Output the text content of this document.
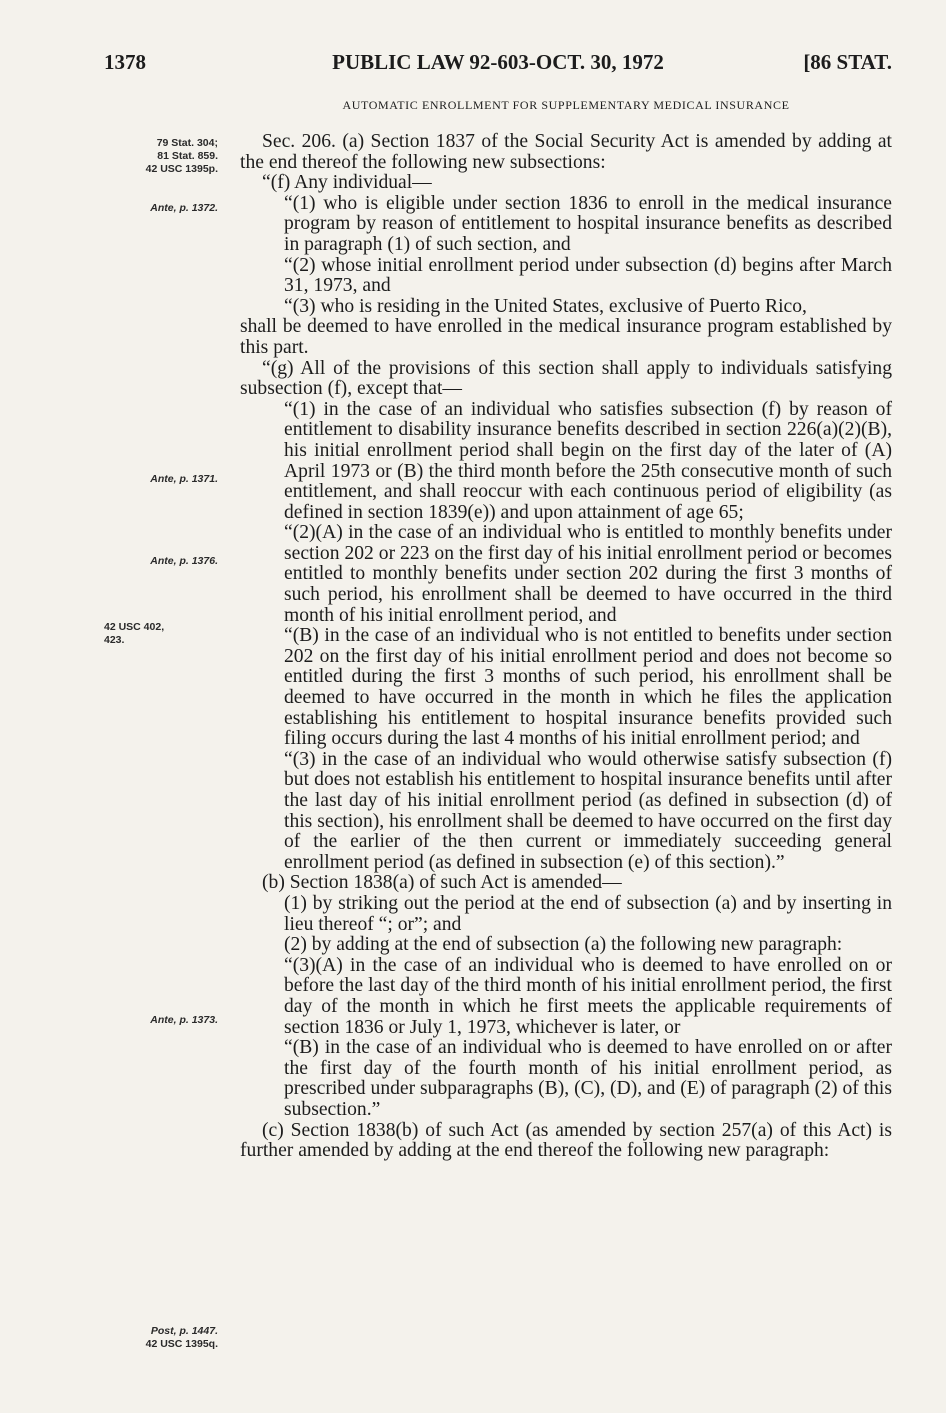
1378	PUBLIC LAW 92-603-OCT. 30, 1972	[86 STAT.
AUTOMATIC ENROLLMENT FOR SUPPLEMENTARY MEDICAL INSURANCE
79 Stat. 304;
81 Stat. 859.
42 USC 1395p.
Ante, p. 1372.
Ante, p. 1371.
Ante, p. 1376.
42 USC 402,
423.
Ante, p. 1373.
Post, p. 1447.
42 USC 1395q.

Sec. 206. (a) Section 1837 of the Social Security Act is amended by adding at the end thereof the following new subsections:

“(f) Any individual—

“(1) who is eligible under section 1836 to enroll in the medical insurance program by reason of entitlement to hospital insurance benefits as described in paragraph (1) of such section, and

“(2) whose initial enrollment period under subsection (d) begins after March 31, 1973, and

“(3) who is residing in the United States, exclusive of Puerto Rico,

shall be deemed to have enrolled in the medical insurance program established by this part.

“(g) All of the provisions of this section shall apply to individuals satisfying subsection (f), except that—

“(1) in the case of an individual who satisfies subsection (f) by reason of entitlement to disability insurance benefits described in section 226(a)(2)(B), his initial enrollment period shall begin on the first day of the later of (A) April 1973 or (B) the third month before the 25th consecutive month of such entitlement, and shall reoccur with each continuous period of eligibility (as defined in section 1839(e)) and upon attainment of age 65;

“(2)(A) in the case of an individual who is entitled to monthly benefits under section 202 or 223 on the first day of his initial enrollment period or becomes entitled to monthly benefits under section 202 during the first 3 months of such period, his enrollment shall be deemed to have occurred in the third month of his initial enrollment period, and

“(B) in the case of an individual who is not entitled to benefits under section 202 on the first day of his initial enrollment period and does not become so entitled during the first 3 months of such period, his enrollment shall be deemed to have occurred in the month in which he files the application establishing his entitlement to hospital insurance benefits provided such filing occurs during the last 4 months of his initial enrollment period; and

“(3) in the case of an individual who would otherwise satisfy subsection (f) but does not establish his entitlement to hospital insurance benefits until after the last day of his initial enrollment period (as defined in subsection (d) of this section), his enrollment shall be deemed to have occurred on the first day of the earlier of the then current or immediately succeeding general enrollment period (as defined in subsection (e) of this section).”

(b) Section 1838(a) of such Act is amended—

(1) by striking out the period at the end of subsection (a) and by inserting in lieu thereof “; or”; and

(2) by adding at the end of subsection (a) the following new paragraph:

“(3)(A) in the case of an individual who is deemed to have enrolled on or before the last day of the third month of his initial enrollment period, the first day of the month in which he first meets the applicable requirements of section 1836 or July 1, 1973, whichever is later, or

“(B) in the case of an individual who is deemed to have enrolled on or after the first day of the fourth month of his initial enrollment period, as prescribed under subparagraphs (B), (C), (D), and (E) of paragraph (2) of this subsection.”

(c) Section 1838(b) of such Act (as amended by section 257(a) of this Act) is further amended by adding at the end thereof the following new paragraph:
